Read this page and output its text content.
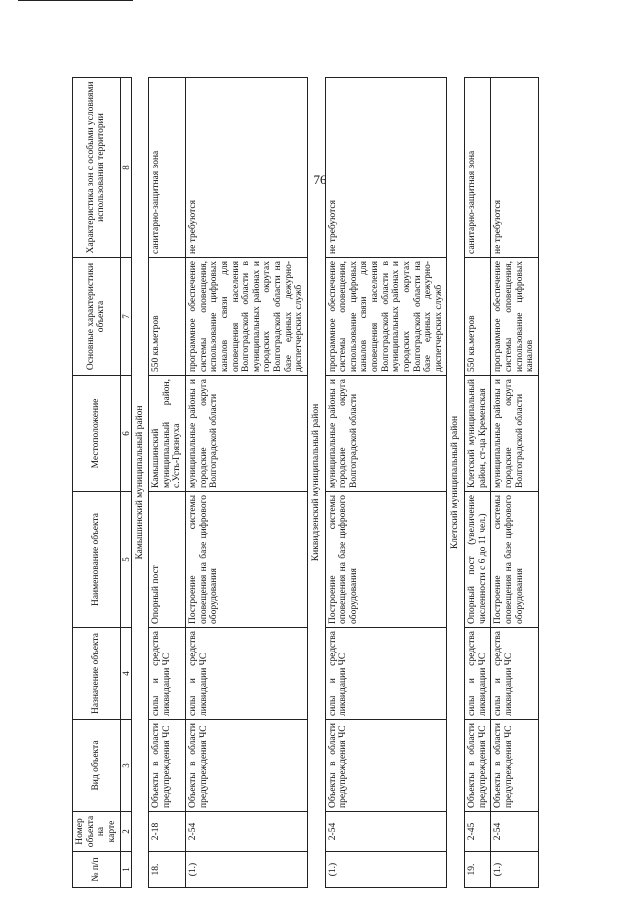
76
№ п/п	Номер объекта на карте	Вид объекта	Назначение объекта	Наименование объекта	Местоположение	Основные характеристики объекта	Характеристика зон с особыми условиями использования территории
1	2	3	4	5	6	7	8
Камышинский муниципальный район							
18.	2-18	Объекты в области предупреждения ЧС	силы и средства ликвидации ЧС	Опорный пост	Камышинский муниципальный район, с.Усть-Грязнуха	550 кв.метров	санитарно-защитная зона
(1.)	2-54	Объекты в области предупреждения ЧС	силы и средства ликвидации ЧС	Построение системы оповещения на базе цифрового оборудования	муниципальные районы и городские округа Волгоградской области	программное обеспечение системы оповещения, использование цифровых каналов связи для оповещения населения Волгоградской области в муниципальных районах и городских округах Волгоградской области на базе единых дежурно-диспетчерских служб	не требуются
Киквидзенский муниципальный район							
(1.)	2-54	Объекты в области предупреждения ЧС	силы и средства ликвидации ЧС	Построение системы оповещения на базе цифрового оборудования	муниципальные районы и городские округа Волгоградской области	программное обеспечение системы оповещения, использование цифровых каналов связи для оповещения населения Волгоградской области в муниципальных районах и городских округах Волгоградской области на базе единых дежурно-диспетчерских служб	не требуются
Клетский муниципальный район							
19.	2-45	Объекты в области предупреждения ЧС	силы и средства ликвидации ЧС	Опорный пост (увеличение численности с 6 до 11 чел.)	Клетский муниципальный район, ст-ца Кременская	550 кв.метров	санитарно-защитная зона
(1.)	2-54	Объекты в области предупреждения ЧС	силы и средства ликвидации ЧС	Построение системы оповещения на базе цифрового оборудования	муниципальные районы и городские округа Волгоградской области	программное обеспечение системы оповещения, использование цифровых каналов	не требуются
